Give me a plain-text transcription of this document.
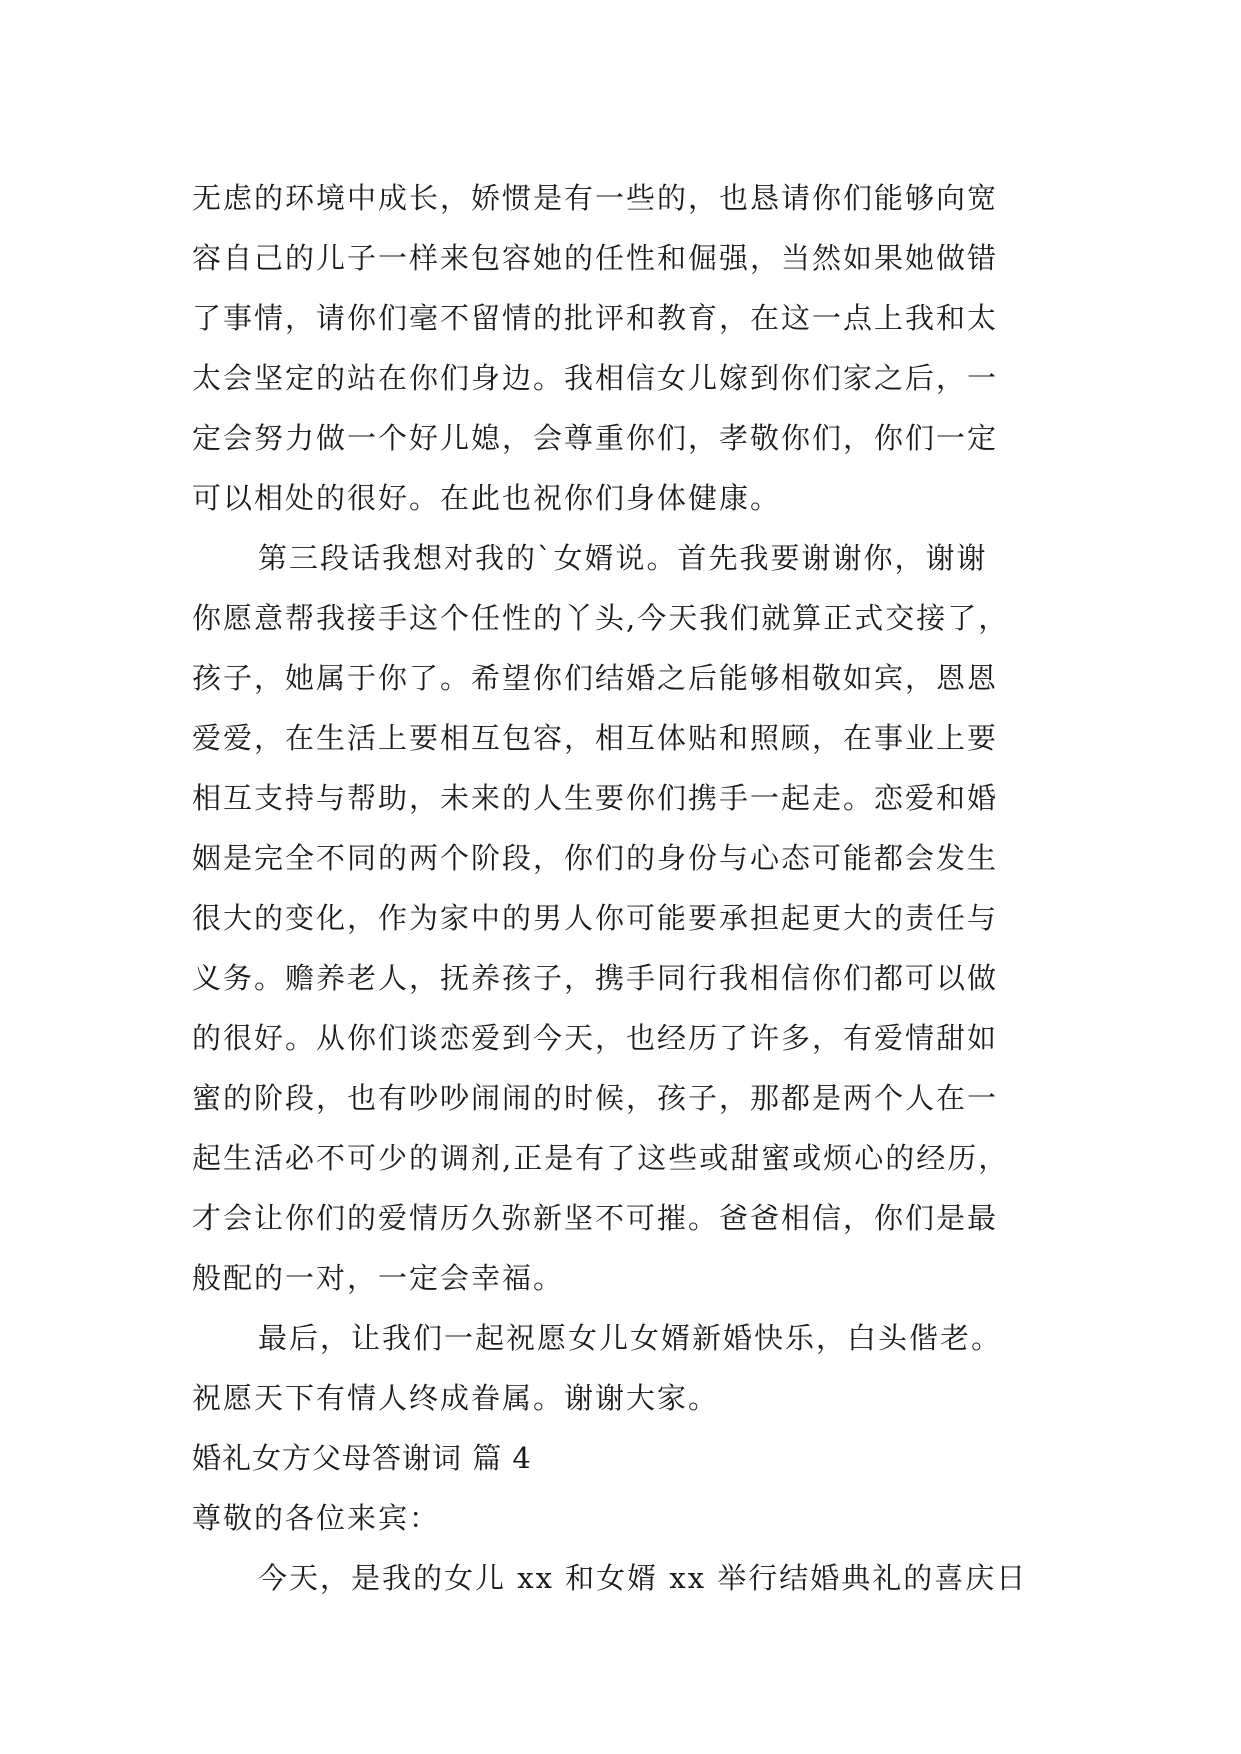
无虑的环境中成长，娇惯是有一些的，也恳请你们能够向宽
容自己的儿子一样来包容她的任性和倔强，当然如果她做错
了事情，请你们毫不留情的批评和教育，在这一点上我和太
太会坚定的站在你们身边。我相信女儿嫁到你们家之后，一
定会努力做一个好儿媳，会尊重你们，孝敬你们，你们一定
可以相处的很好。在此也祝你们身体健康。
第三段话我想对我的`女婿说。首先我要谢谢你，谢谢
你愿意帮我接手这个任性的丫头,今天我们就算正式交接了，
孩子，她属于你了。希望你们结婚之后能够相敬如宾，恩恩
爱爱，在生活上要相互包容，相互体贴和照顾，在事业上要
相互支持与帮助，未来的人生要你们携手一起走。恋爱和婚
姻是完全不同的两个阶段，你们的身份与心态可能都会发生
很大的变化，作为家中的男人你可能要承担起更大的责任与
义务。赡养老人，抚养孩子，携手同行我相信你们都可以做
的很好。从你们谈恋爱到今天，也经历了许多，有爱情甜如
蜜的阶段，也有吵吵闹闹的时候，孩子，那都是两个人在一
起生活必不可少的调剂,正是有了这些或甜蜜或烦心的经历，
才会让你们的爱情历久弥新坚不可摧。爸爸相信，你们是最
般配的一对，一定会幸福。
最后，让我们一起祝愿女儿女婿新婚快乐，白头偕老。
祝愿天下有情人终成眷属。谢谢大家。
婚礼女方父母答谢词 篇 4
尊敬的各位来宾：
今天，是我的女儿 xx 和女婿 xx 举行结婚典礼的喜庆日
